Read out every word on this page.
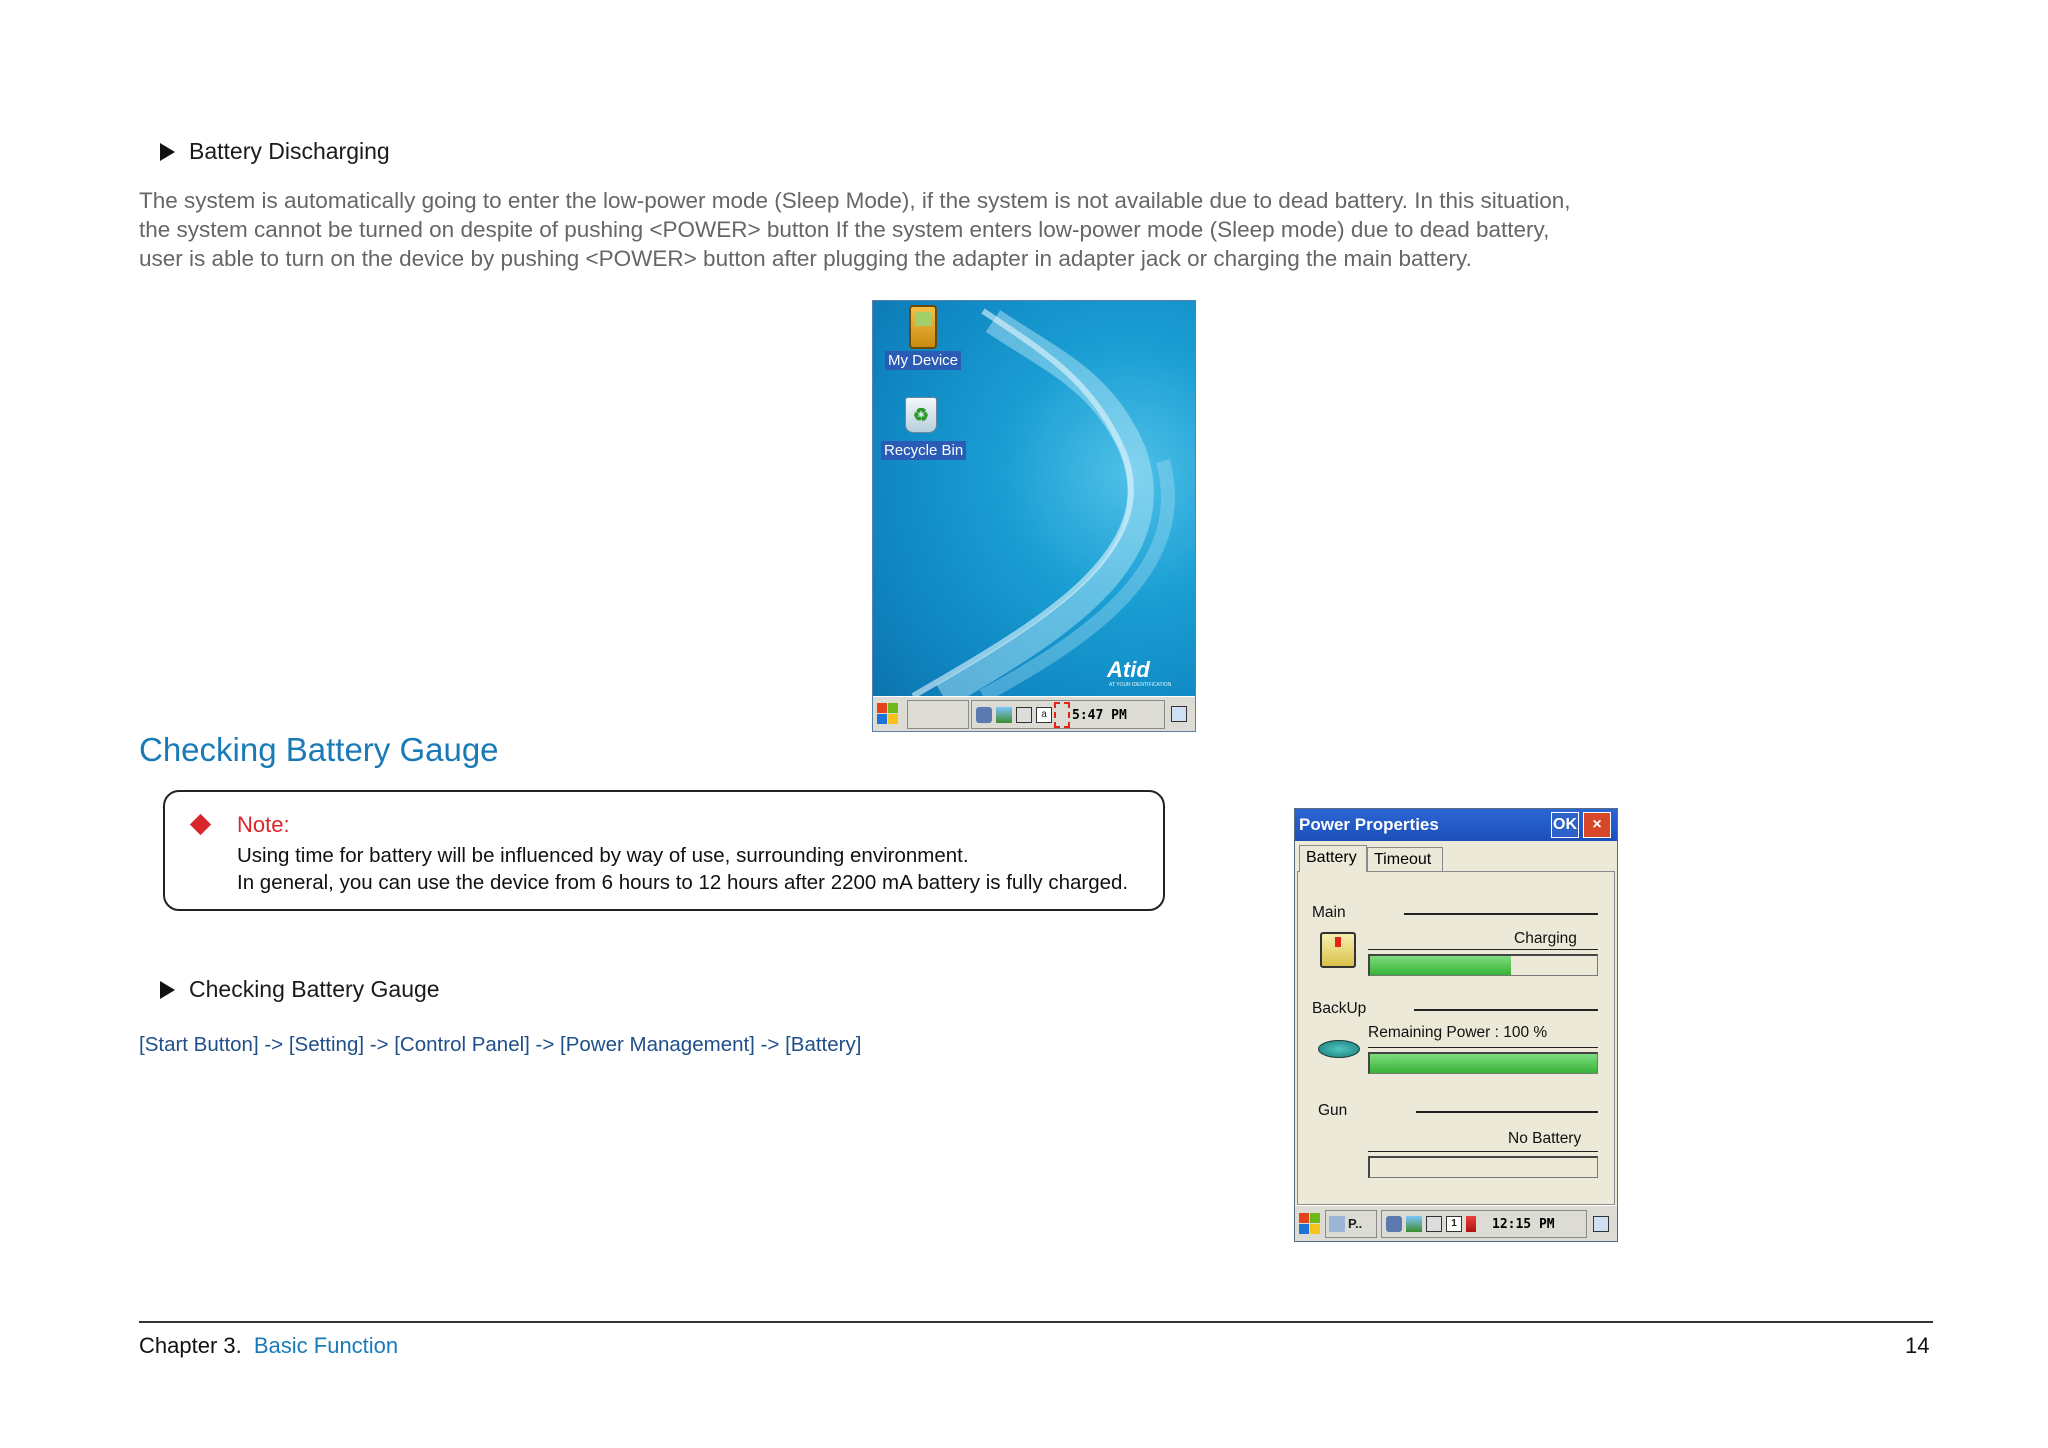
Battery Discharging
The system is automatically going to enter the low-power mode (Sleep Mode), if the system is not available due to dead battery. In this situation,
the system cannot be turned on despite of pushing <POWER> button If the system enters low-power mode (Sleep mode) due to dead battery,
user is able to turn on the device by pushing <POWER> button after plugging the adapter in adapter jack or charging the main battery.
My Device
♻
Recycle Bin
Atid
AT YOUR IDENTIFICATION
a	5:47 PM
Checking Battery Gauge
Note:
Using time for battery will be influenced by way of use, surrounding environment.
In general, you can use the device from 6 hours to 12 hours after 2200 mA battery is fully charged.
Checking Battery Gauge
[Start Button] -> [Setting] -> [Control Panel] -> [Power Management] -> [Battery]
Power Properties	OK ×
Battery Timeout
Main
Charging
BackUp
Remaining Power : 100 %
Gun
No Battery
P..	1	12:15 PM
Chapter 3. Basic Function	14
